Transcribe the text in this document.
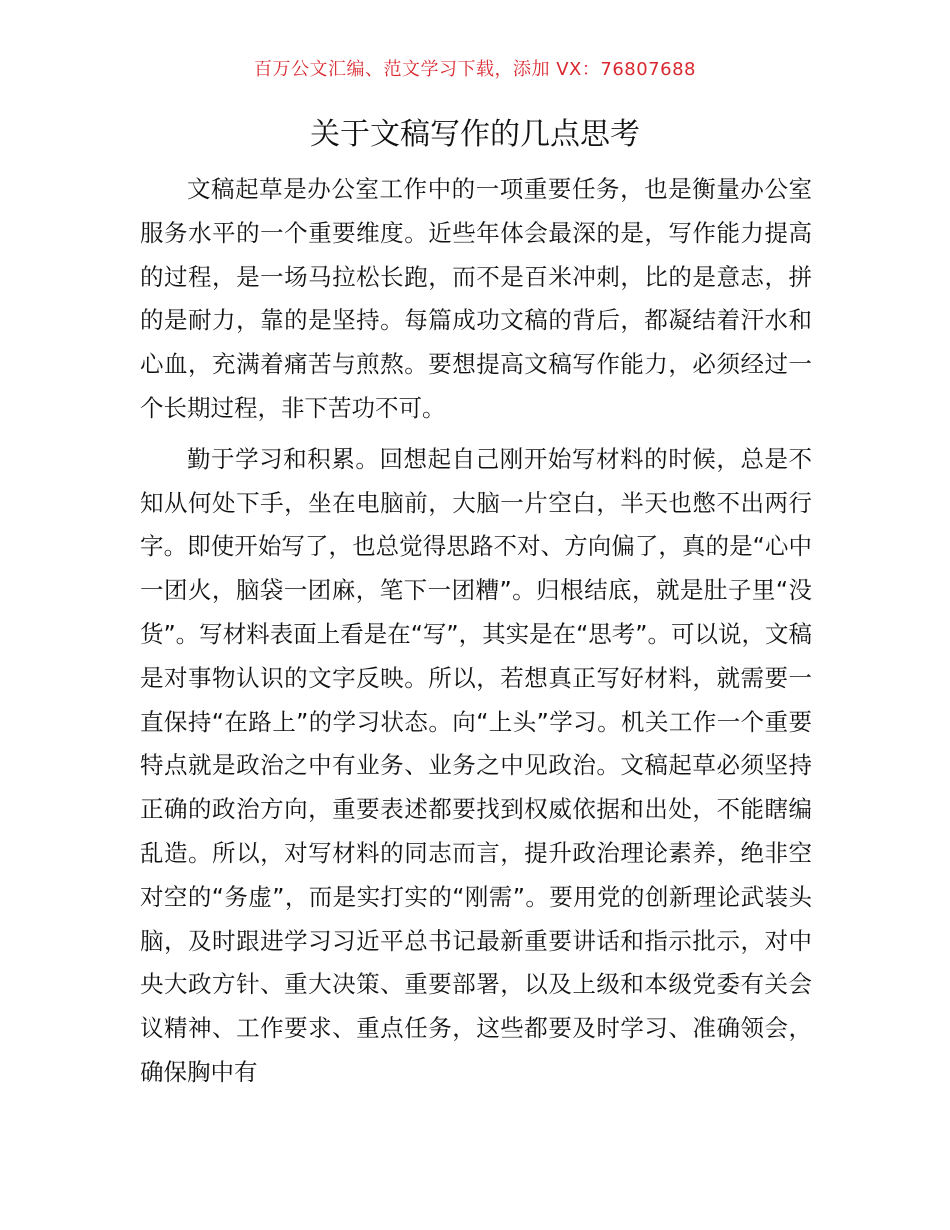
百万公文汇编、范文学习下载，添加 VX：76807688
关于文稿写作的几点思考

文稿起草是办公室工作中的一项重要任务，也是衡量办公室服务水平的一个重要维度。近些年体会最深的是，写作能力提高的过程，是一场马拉松长跑，而不是百米冲刺，比的是意志，拼的是耐力，靠的是坚持。每篇成功文稿的背后，都凝结着汗水和心血，充满着痛苦与煎熬。要想提高文稿写作能力，必须经过一个长期过程，非下苦功不可。

勤于学习和积累。回想起自己刚开始写材料的时候，总是不知从何处下手，坐在电脑前，大脑一片空白，半天也憋不出两行字。即使开始写了，也总觉得思路不对、方向偏了，真的是“心中一团火，脑袋一团麻，笔下一团糟”。归根结底，就是肚子里“没货”。写材料表面上看是在“写”，其实是在“思考”。可以说，文稿是对事物认识的文字反映。所以，若想真正写好材料，就需要一直保持“在路上”的学习状态。向“上头”学习。机关工作一个重要特点就是政治之中有业务、业务之中见政治。文稿起草必须坚持正确的政治方向，重要表述都要找到权威依据和出处，不能瞎编乱造。所以，对写材料的同志而言，提升政治理论素养，绝非空对空的“务虚”，而是实打实的“刚需”。要用党的创新理论武装头脑，及时跟进学习习近平总书记最新重要讲话和指示批示，对中央大政方针、重大决策、重要部署，以及上级和本级党委有关会议精神、工作要求、重点任务，这些都要及时学习、准确领会，确保胸中有
